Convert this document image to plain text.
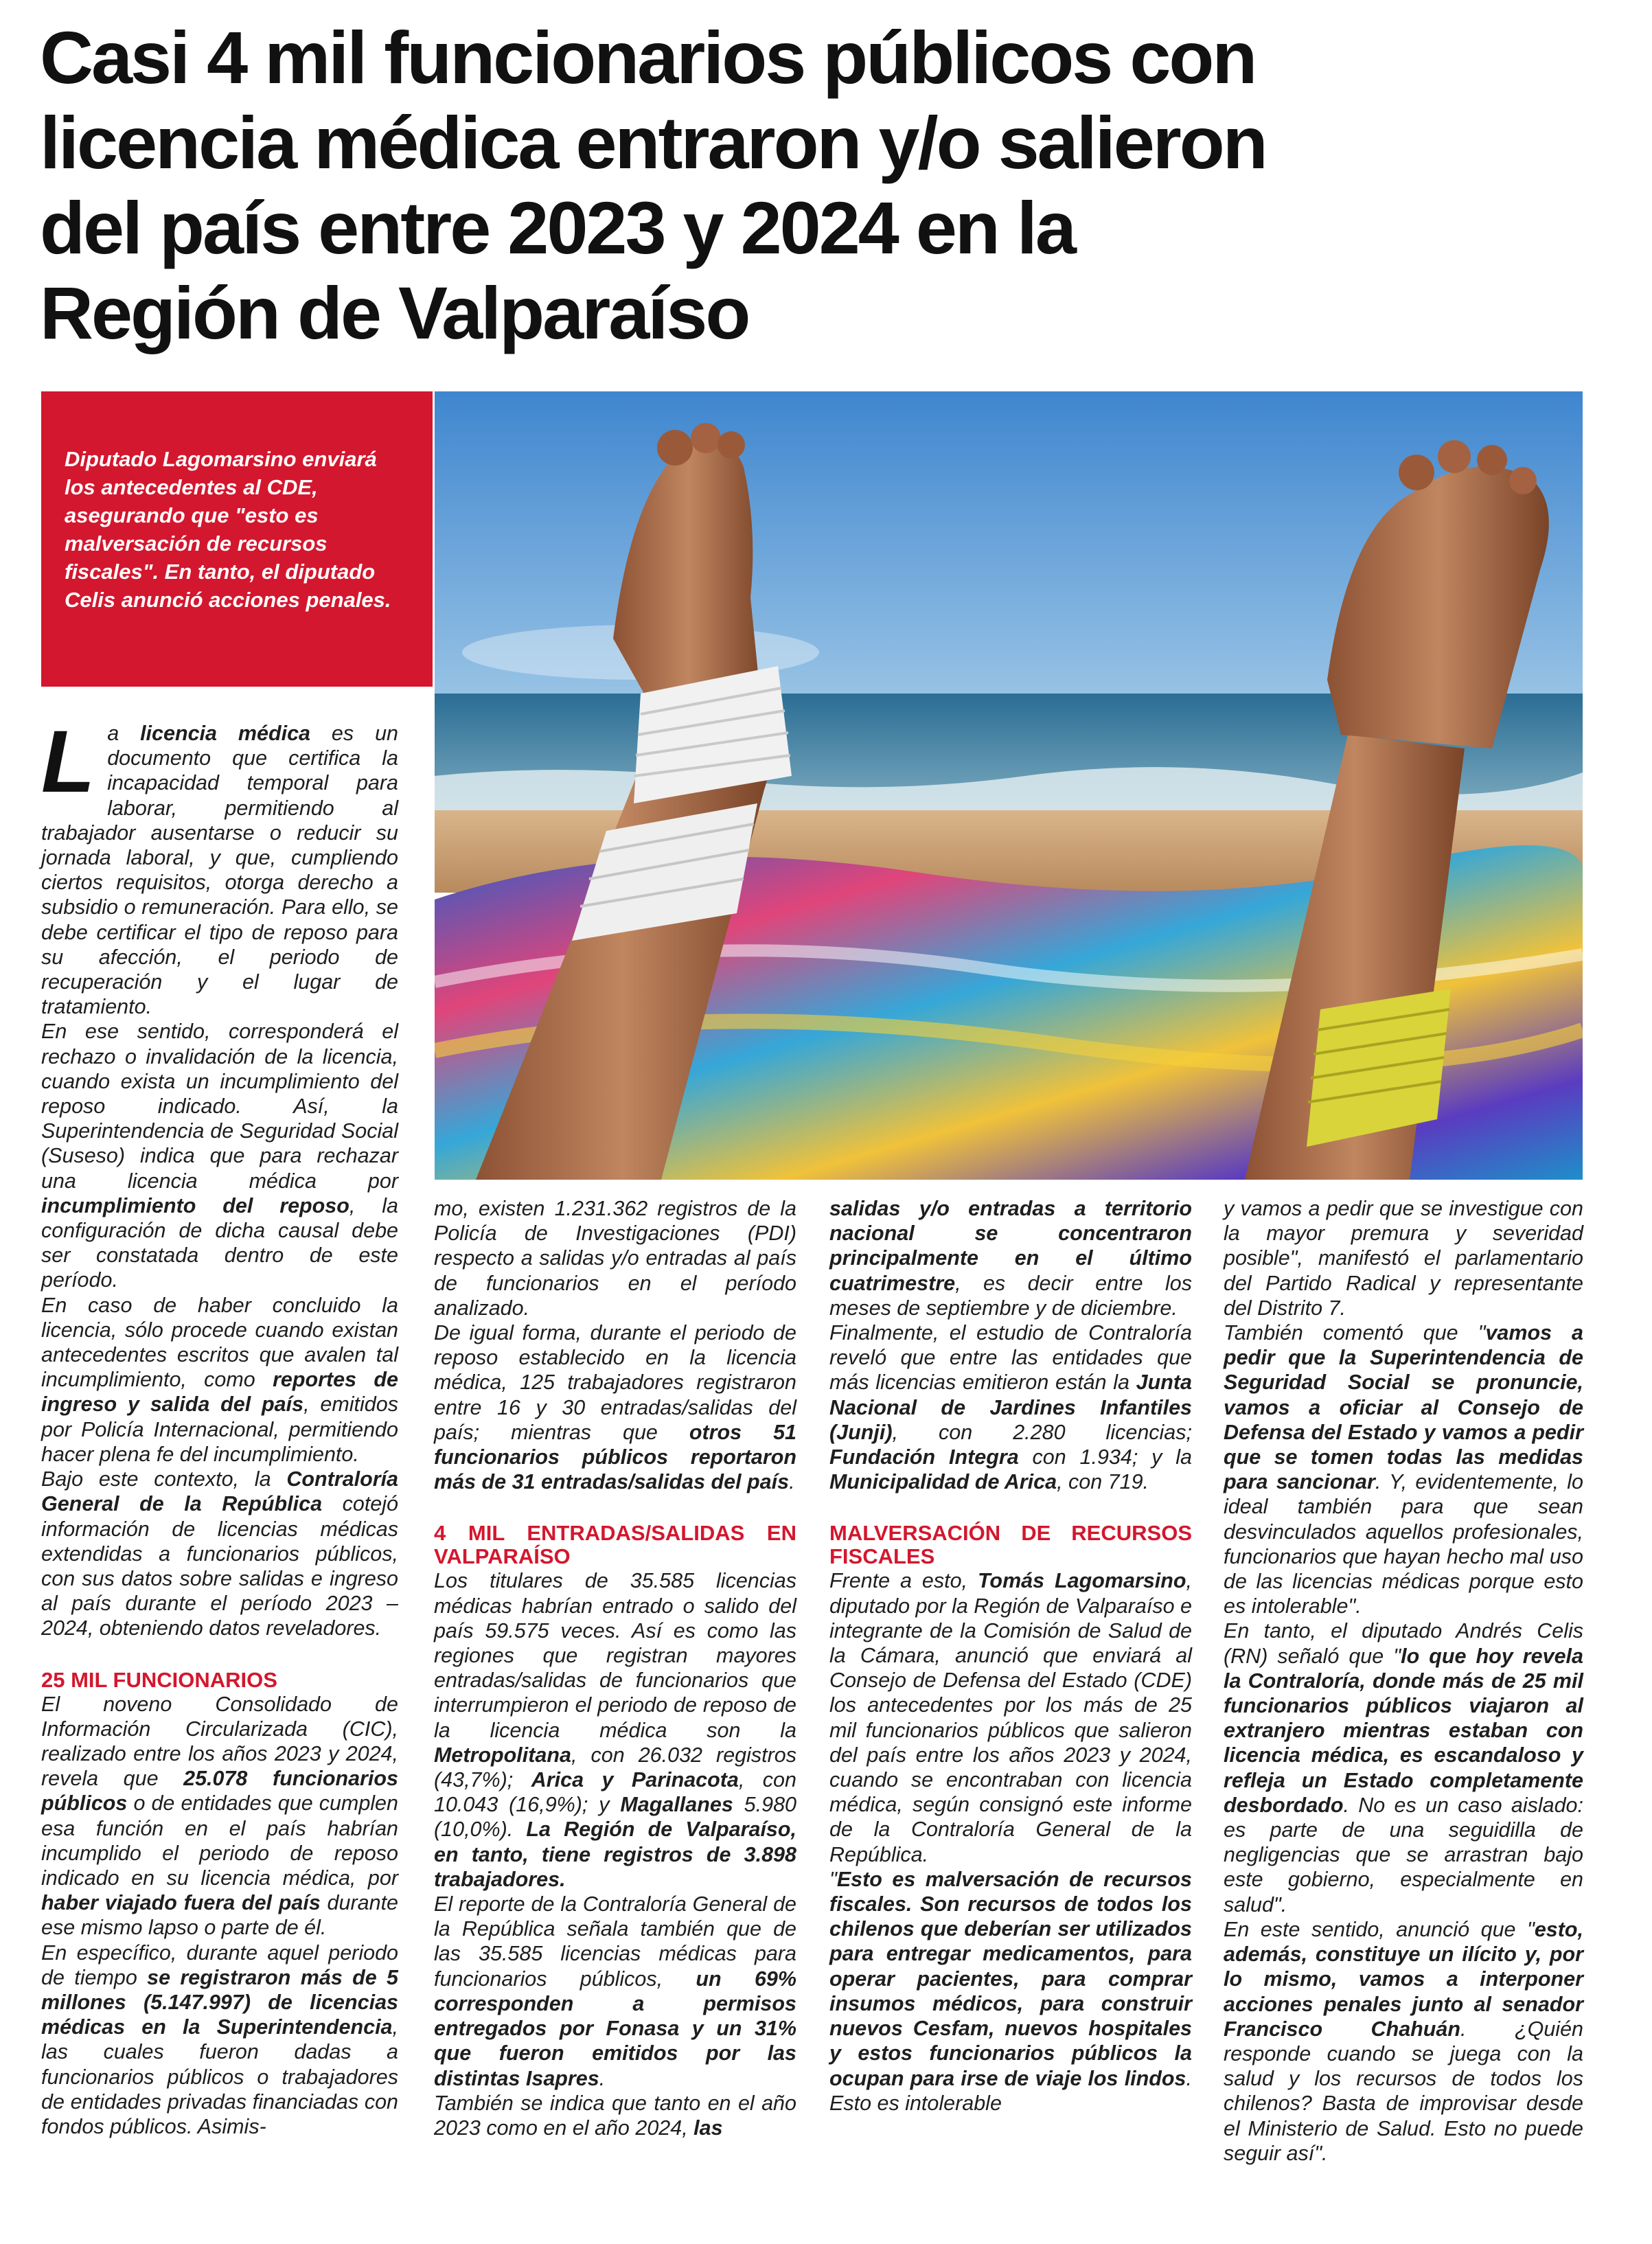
Casi 4 mil funcionarios públicos con
licencia médica entraron y/o salieron
del país entre 2023 y 2024 en la
Región de Valparaíso

Diputado Lagomarsino enviará los antecedentes al CDE, asegurando que "esto es malversación de recursos fiscales". En tanto, el diputado Celis anunció acciones penales.

La licencia médica es un documento que certifica la incapacidad temporal para laborar, permitiendo al trabajador ausentarse o reducir su jornada laboral, y que, cumpliendo ciertos requisitos, otorga derecho a subsidio o remuneración. Para ello, se debe certificar el tipo de reposo para su afección, el periodo de recuperación y el lugar de tratamiento.

En ese sentido, corresponderá el rechazo o invalidación de la licencia, cuando exista un incumplimiento del reposo indicado. Así, la Superintendencia de Seguridad Social (Suseso) indica que para rechazar una licencia médica por incumplimiento del reposo, la configuración de dicha causal debe ser constatada dentro de este período.

En caso de haber concluido la licencia, sólo procede cuando existan antecedentes escritos que avalen tal incumplimiento, como reportes de ingreso y salida del país, emitidos por Policía Internacional, permitiendo hacer plena fe del incumplimiento.

Bajo este contexto, la Contraloría General de la República cotejó información de licencias médicas extendidas a funcionarios públicos, con sus datos sobre salidas e ingreso al país durante el período 2023 – 2024, obteniendo datos reveladores.

25 MIL FUNCIONARIOS

El noveno Consolidado de Información Circularizada (CIC), realizado entre los años 2023 y 2024, revela que 25.078 funcionarios públicos o de entidades que cumplen esa función en el país habrían incumplido el periodo de reposo indicado en su licencia médica, por haber viajado fuera del país durante ese mismo lapso o parte de él.

En específico, durante aquel periodo de tiempo se registraron más de 5 millones (5.147.997) de licencias médicas en la Superintendencia, las cuales fueron dadas a funcionarios públicos o trabajadores de entidades privadas financiadas con fondos públicos. Asimis-

mo, existen 1.231.362 registros de la Policía de Investigaciones (PDI) respecto a salidas y/o entradas al país de funcionarios en el período analizado.

De igual forma, durante el periodo de reposo establecido en la licencia médica, 125 trabajadores registraron entre 16 y 30 entradas/salidas del país; mientras que otros 51 funcionarios públicos reportaron más de 31 entradas/salidas del país.

4 MIL ENTRADAS/SALIDAS EN VALPARAÍSO

Los titulares de 35.585 licencias médicas habrían entrado o salido del país 59.575 veces. Así es como las regiones que registran mayores entradas/salidas de funcionarios que interrumpieron el periodo de reposo de la licencia médica son la Metropolitana, con 26.032 registros (43,7%); Arica y Parinacota, con 10.043 (16,9%); y Magallanes 5.980 (10,0%). La Región de Valparaíso, en tanto, tiene registros de 3.898 trabajadores.

El reporte de la Contraloría General de la República señala también que de las 35.585 licencias médicas para funcionarios públicos, un 69% corresponden a permisos entregados por Fonasa y un 31% que fueron emitidos por las distintas Isapres.

También se indica que tanto en el año 2023 como en el año 2024, las

salidas y/o entradas a territorio nacional se concentraron principalmente en el último cuatrimestre, es decir entre los meses de septiembre y de diciembre.

Finalmente, el estudio de Contraloría reveló que entre las entidades que más licencias emitieron están la Junta Nacional de Jardines Infantiles (Junji), con 2.280 licencias; Fundación Integra con 1.934; y la Municipalidad de Arica, con 719.

MALVERSACIÓN DE RECURSOS FISCALES

Frente a esto, Tomás Lagomarsino, diputado por la Región de Valparaíso e integrante de la Comisión de Salud de la Cámara, anunció que enviará al Consejo de Defensa del Estado (CDE) los antecedentes por los más de 25 mil funcionarios públicos que salieron del país entre los años 2023 y 2024, cuando se encontraban con licencia médica, según consignó este informe de la Contraloría General de la República.

"Esto es malversación de recursos fiscales. Son recursos de todos los chilenos que deberían ser utilizados para entregar medicamentos, para operar pacientes, para comprar insumos médicos, para construir nuevos Cesfam, nuevos hospitales y estos funcionarios públicos la ocupan para irse de viaje los lindos. Esto es intolerable

y vamos a pedir que se investigue con la mayor premura y severidad posible", manifestó el parlamentario del Partido Radical y representante del Distrito 7.

También comentó que "vamos a pedir que la Superintendencia de Seguridad Social se pronuncie, vamos a oficiar al Consejo de Defensa del Estado y vamos a pedir que se tomen todas las medidas para sancionar. Y, evidentemente, lo ideal también para que sean desvinculados aquellos profesionales, funcionarios que hayan hecho mal uso de las licencias médicas porque esto es intolerable".

En tanto, el diputado Andrés Celis (RN) señaló que "lo que hoy revela la Contraloría, donde más de 25 mil funcionarios públicos viajaron al extranjero mientras estaban con licencia médica, es escandaloso y refleja un Estado completamente desbordado. No es un caso aislado: es parte de una seguidilla de negligencias que se arrastran bajo este gobierno, especialmente en salud".

En este sentido, anunció que "esto, además, constituye un ilícito y, por lo mismo, vamos a interponer acciones penales junto al senador Francisco Chahuán. ¿Quién responde cuando se juega con la salud y los recursos de todos los chilenos? Basta de improvisar desde el Ministerio de Salud. Esto no puede seguir así".
